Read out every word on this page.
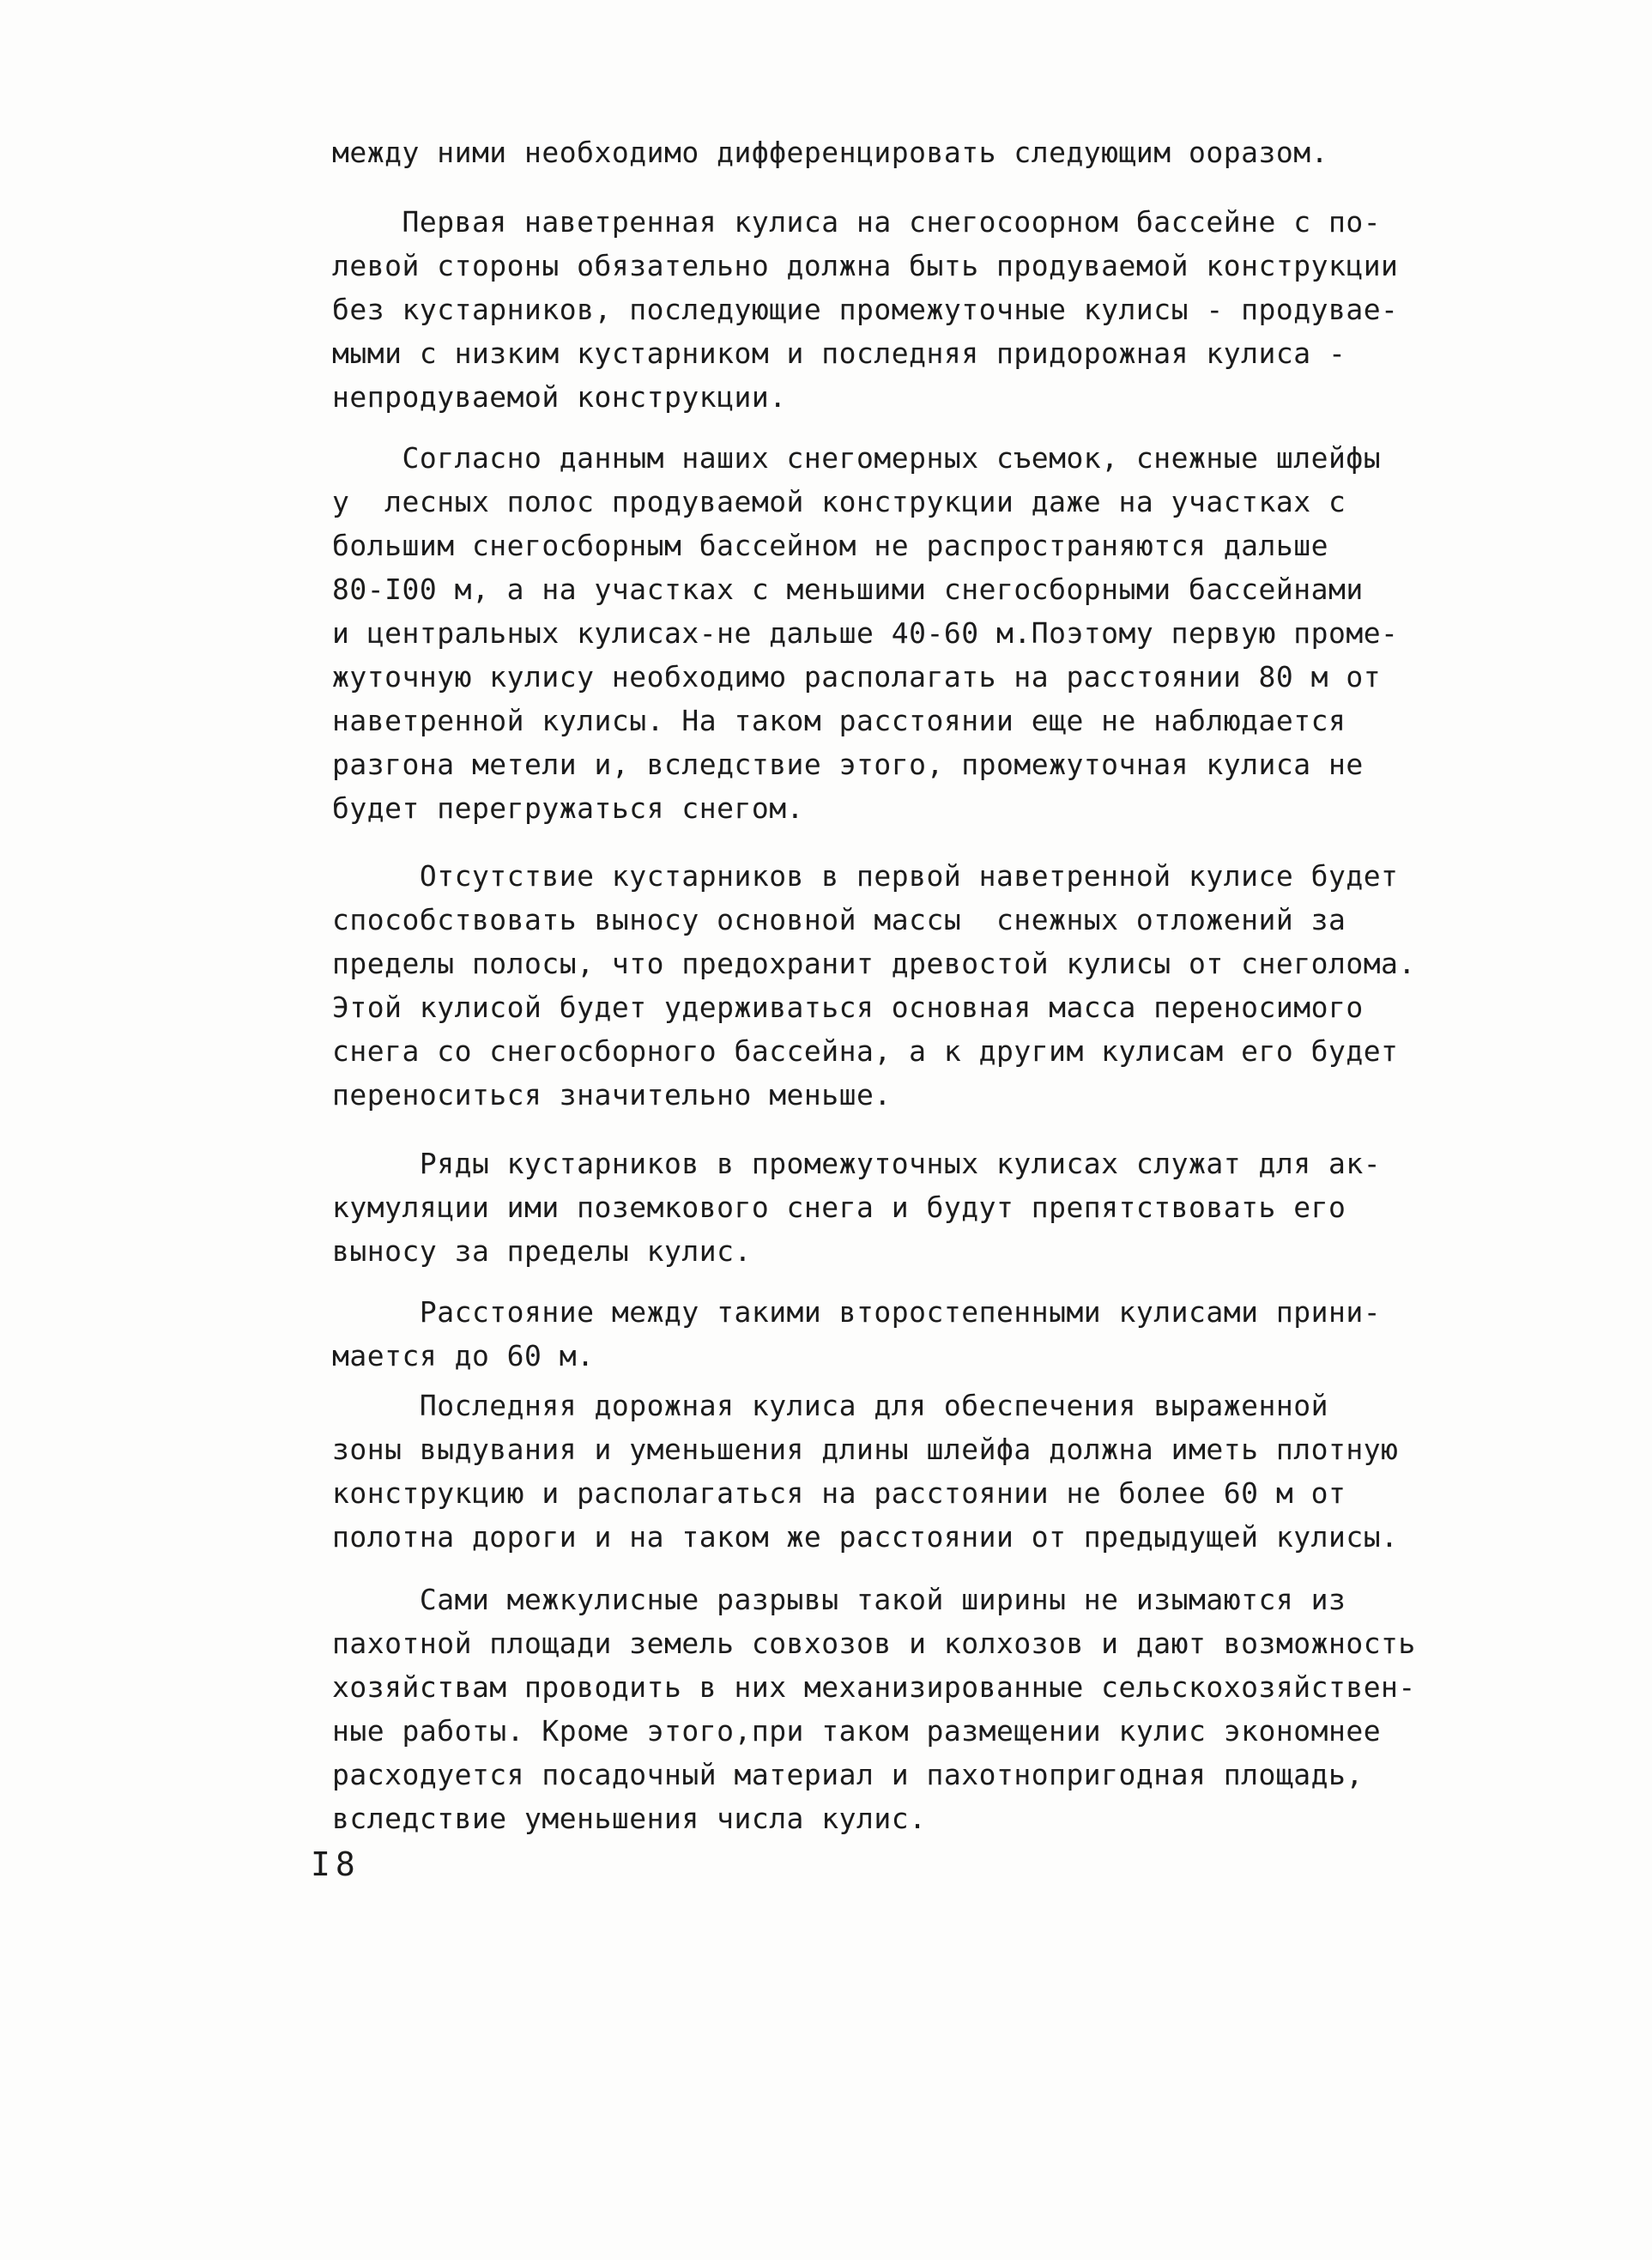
между ними необходимо дифференцировать следующим ооразом.
Первая наветренная кулиса на снегосоорном бассейне с по-
левой стороны обязательно должна быть продуваемой конструкции
без кустарников, последующие промежуточные кулисы - продувае-
мыми с низким кустарником и последняя придорожная кулиса -
непродуваемой конструкции.
Согласно данным наших снегомерных съемок, снежные шлейфы
у  лесных полос продуваемой конструкции даже на участках с
большим снегосборным бассейном не распространяются дальше
80-I00 м, а на участках с меньшими снегосборными бассейнами
и центральных кулисах-не дальше 40-60 м.Поэтому первую проме-
жуточную кулису необходимо располагать на расстоянии 80 м от
наветренной кулисы. На таком расстоянии еще не наблюдается
разгона метели и, вследствие этого, промежуточная кулиса не
будет перегружаться снегом.
Отсутствие кустарников в первой наветренной кулисе будет
способствовать выносу основной массы  снежных отложений за
пределы полосы, что предохранит древостой кулисы от снеголома.
Этой кулисой будет удерживаться основная масса переносимого
снега со снегосборного бассейна, а к другим кулисам его будет
переноситься значительно меньше.
Ряды кустарников в промежуточных кулисах служат для ак-
кумуляции ими поземкового снега и будут препятствовать его
выносу за пределы кулис.
Расстояние между такими второстепенными кулисами прини-
мается до 60 м.
Последняя дорожная кулиса для обеспечения выраженной
зоны выдувания и уменьшения длины шлейфа должна иметь плотную
конструкцию и располагаться на расстоянии не более 60 м от
полотна дороги и на таком же расстоянии от предыдущей кулисы.
Сами межкулисные разрывы такой ширины не изымаются из
пахотной площади земель совхозов и колхозов и дают возможность
хозяйствам проводить в них механизированные сельскохозяйствен-
ные работы. Кроме этого,при таком размещении кулис экономнее
расходуется посадочный материал и пахотнопригодная площадь,
вследствие уменьшения числа кулис.
I8
